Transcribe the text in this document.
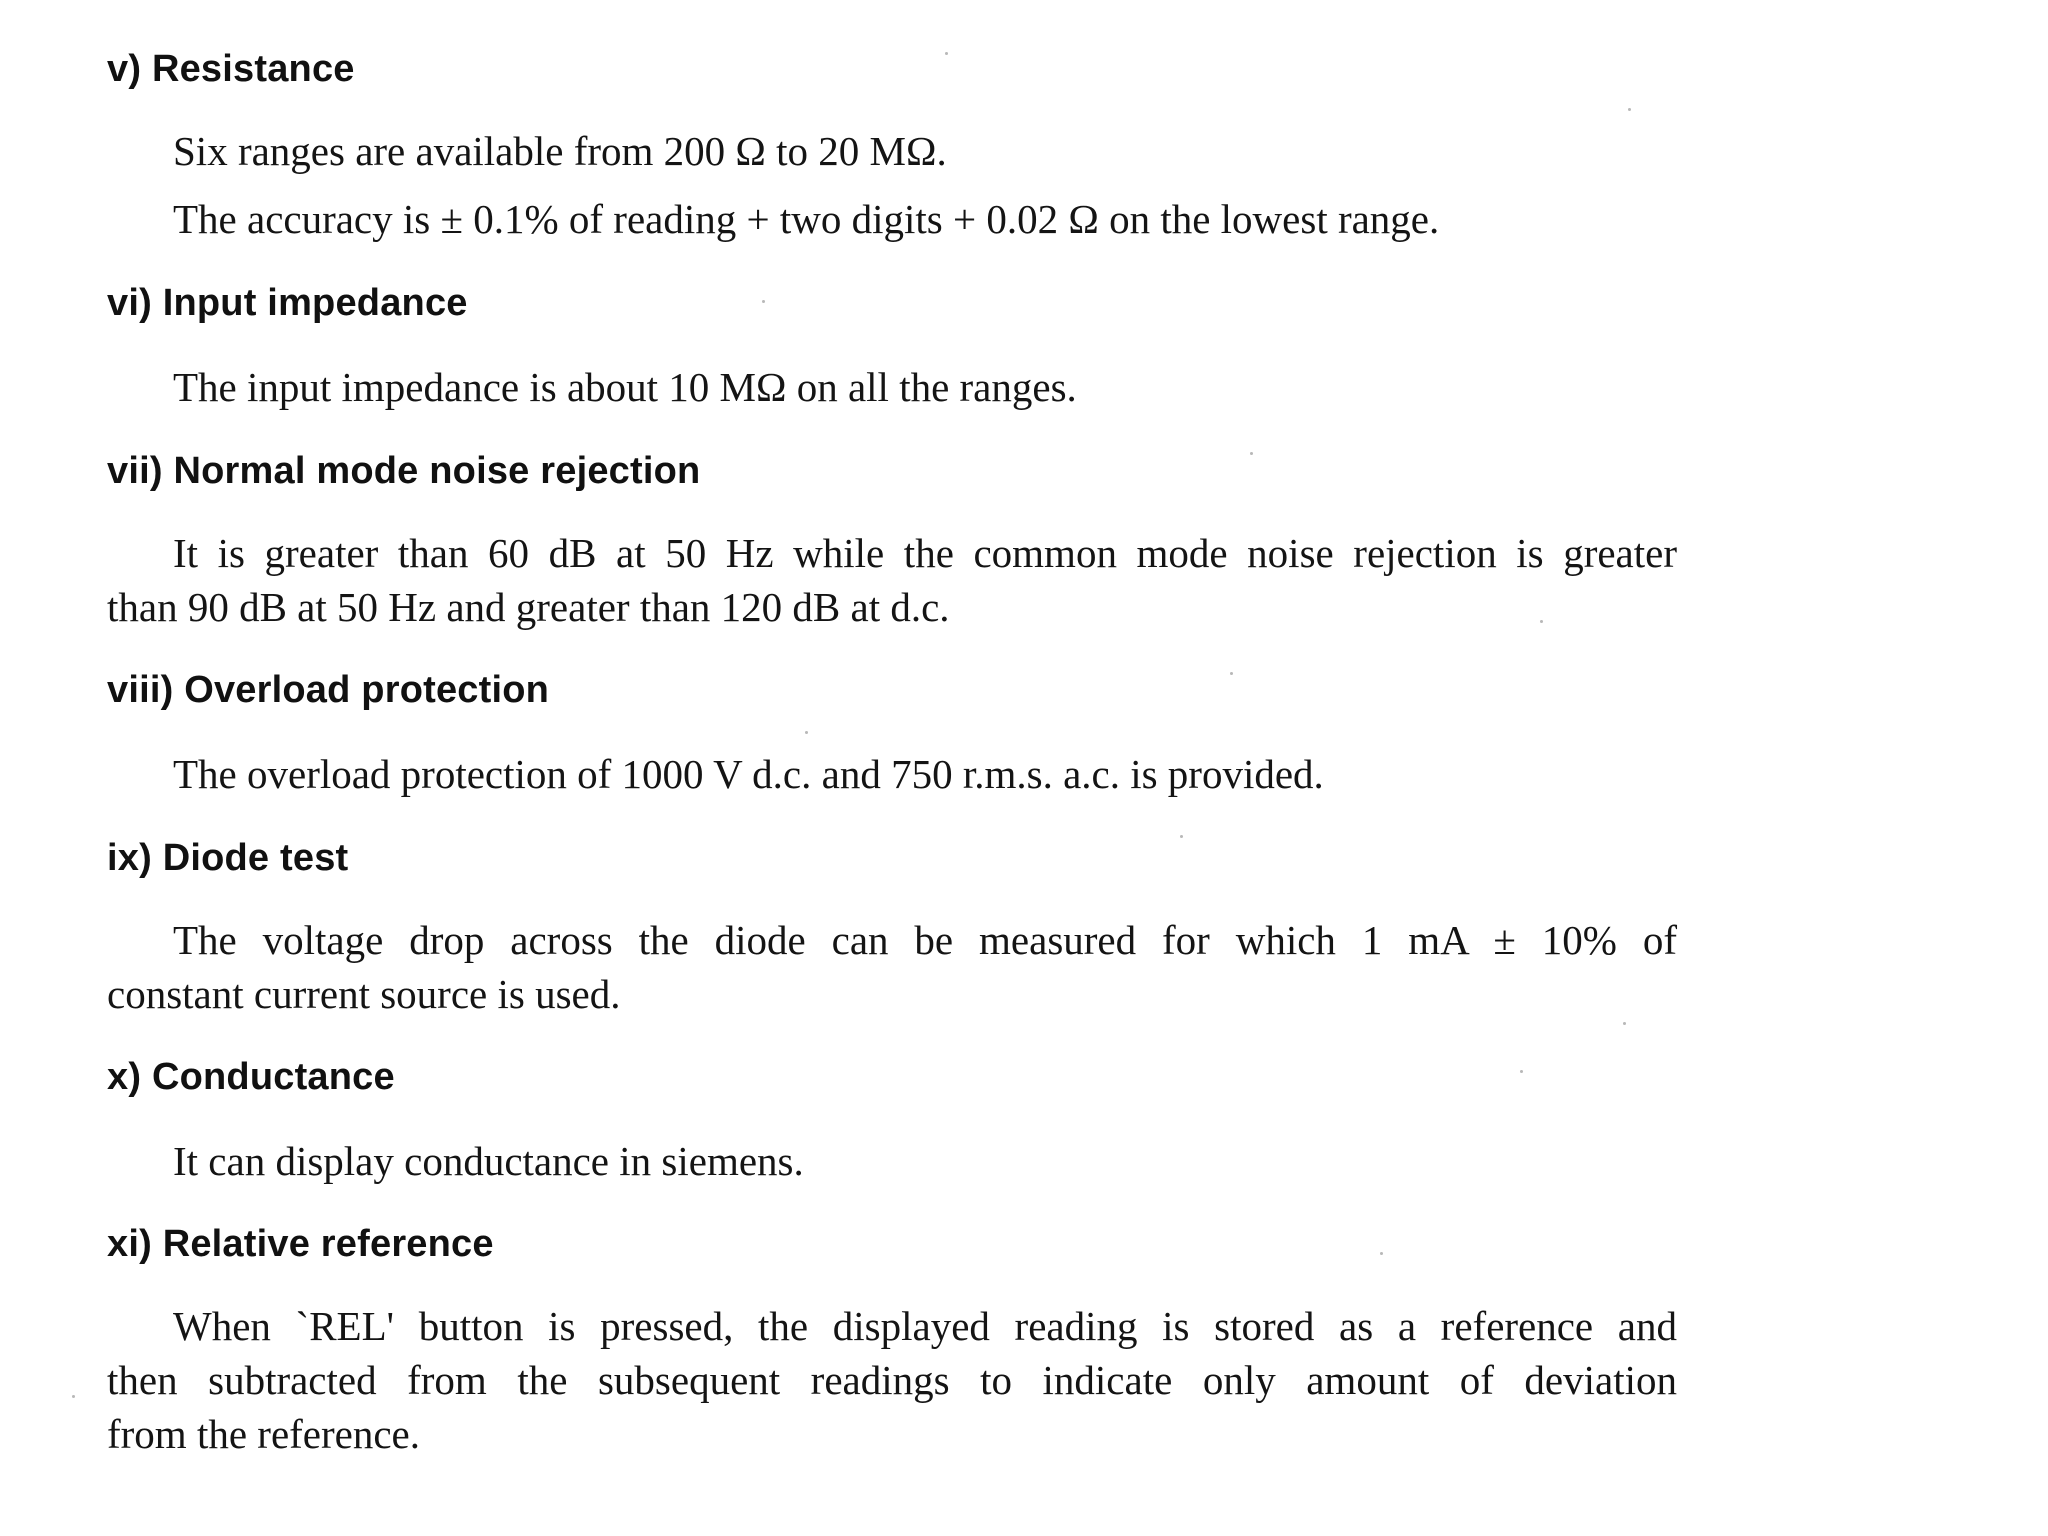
v) Resistance
Six ranges are available from 200 Ω to 20 MΩ.
The accuracy is ± 0.1% of reading + two digits + 0.02 Ω on the lowest range.
vi) Input impedance
The input impedance is about 10 MΩ on all the ranges.
vii) Normal mode noise rejection
It is greater than 60 dB at 50 Hz while the common mode noise rejection is greater
than 90 dB at 50 Hz and greater than 120 dB at d.c.
viii) Overload protection
The overload protection of 1000 V d.c. and 750 r.m.s. a.c. is provided.
ix) Diode test
The voltage drop across the diode can be measured for which 1 mA ± 10% of
constant current source is used.
x) Conductance
It can display conductance in siemens.
xi) Relative reference
When `REL' button is pressed, the displayed reading is stored as a reference and
then subtracted from the subsequent readings to indicate only amount of deviation
from the reference.
